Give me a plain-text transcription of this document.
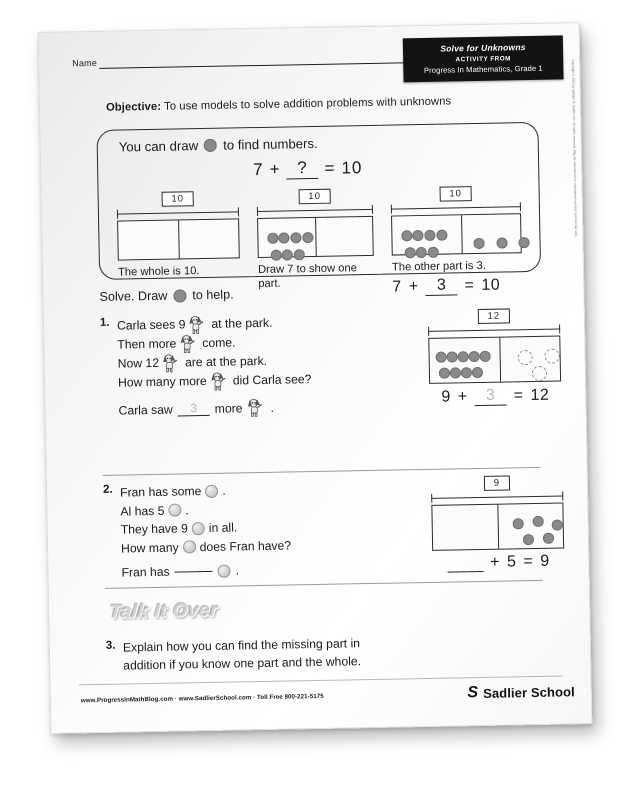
Name
Solve for Unknowns
ACTIVITY FROM
Progress In Mathematics, Grade 1
Objective: To use models to solve addition problems with unknowns
You can draw to find numbers.
7 + ? = 10
10
The whole is 10.
10
Draw 7 to show one part.
10
The other part is 3.
7 +	3	= 10
Solve. Draw to help.
1. Carla sees 9 at the park.
Then more come.
Now 12 are at the park.
How many more did Carla see?
Carla saw	3	more .
12
9 +	3	= 12
2. Fran has some .
Al has 5 .
They have 9 in all.
How many does Fran have?
Fran has	.
9
+ 5 = 9
Talk It Over
3. Explain how you can find the missing part in
addition if you know one part and the whole.
Copyright © 2015 by William H. Sadlier, Inc. All rights reserved. May be reproduced for educational use (not commercial use).
www.ProgressInMathBlog.com · www.SadlierSchool.com · Toll Free 800-221-5175	S Sadlier School
